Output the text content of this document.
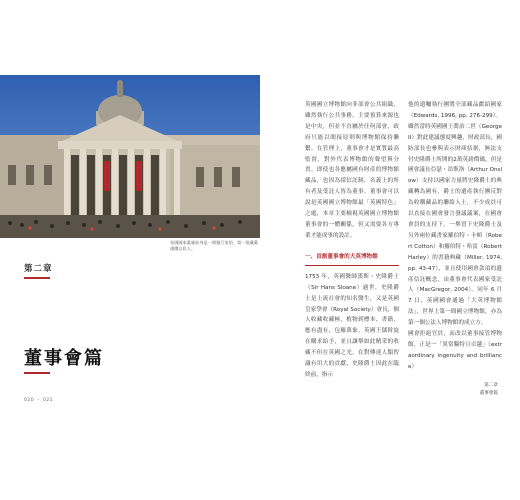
英國國家畫廊前身是一間銀行家的，第一批藏畫僅購自私人。
第二章
董事會篇
020 ・ 021

英國國立博物館向非部會公共組織，雖然執行公共事務，主要預算來源也是中央，但並不直屬於任何部會，政府只能以間接原則與博物館保持聯繫。在管理上，董事會才是實質最高監督，對外代表博物館的聲望與分責。即使也各應屬國有財產的博物館藏品，也因為採信託制，名義上的所有者及受託人皆為董事。董事會可以說是英國國立博物館最「英國特色」之處，本章主要檢視英國國立博物館董事會的一體關係，但又需要各方專業才能成事的設計。

一、首創董事會的大英博物館

1753 年，英國醫師漢斯・史隆爵士（Sir Hans Sloane）過世，史隆爵士是上流社會的知名醫生，又是英國皇家學會（Royal Society）會長，個人收藏收藏極，植物到標本、書籍，應有盡有，包羅萬象。英國王儲斡旋在購求給予，並且讓舉如此精采的收藏不但在英國之光，在對傳達人類智識有用大的貢獻，史隆爵士因此在臨終前，指示

他的遺囑執行團將全部藏品獻給國家（Edwards, 1996, pp. 276-299）。

雖然當時英國國王喬治二世（George II）對此建議態度興趣，財政部長，國防部長也參與表示財庫拮据，無法支付史隆爵士所開的2萬英鎊價碼。但是國會議長亞瑟・昂斯洛（Arthur Onslow）支持以國家力量將史隆爵士的典藏轉為國有，爵士的遺產執行團反對為收購藏品的聯絡人士，不少成員可以直接在國會發言發議議案，在國會會員的支持下，一舉買下史隆爵士及另外兩位藏書家羅伯特・卡頓（Robert Cotton）和羅伯特・哈雷（Robert Harley）的書籍典藏（Miller, 1974, pp. 43-47），並且使用國會款項的遺產信託概念，由董事會代表國家受託人（MacGregor, 2004）。同年 6 月 7 日，英國國會通過「大英博物館法」，世界上第一間國立博物館，亦為第一個公法人博物館的成立方。

國會拒絕官員，而改以董事接管博物館，正是一「異常獨特且卓越」（extraordinary ingenuity and brilliance）

第二章
董事會篇
